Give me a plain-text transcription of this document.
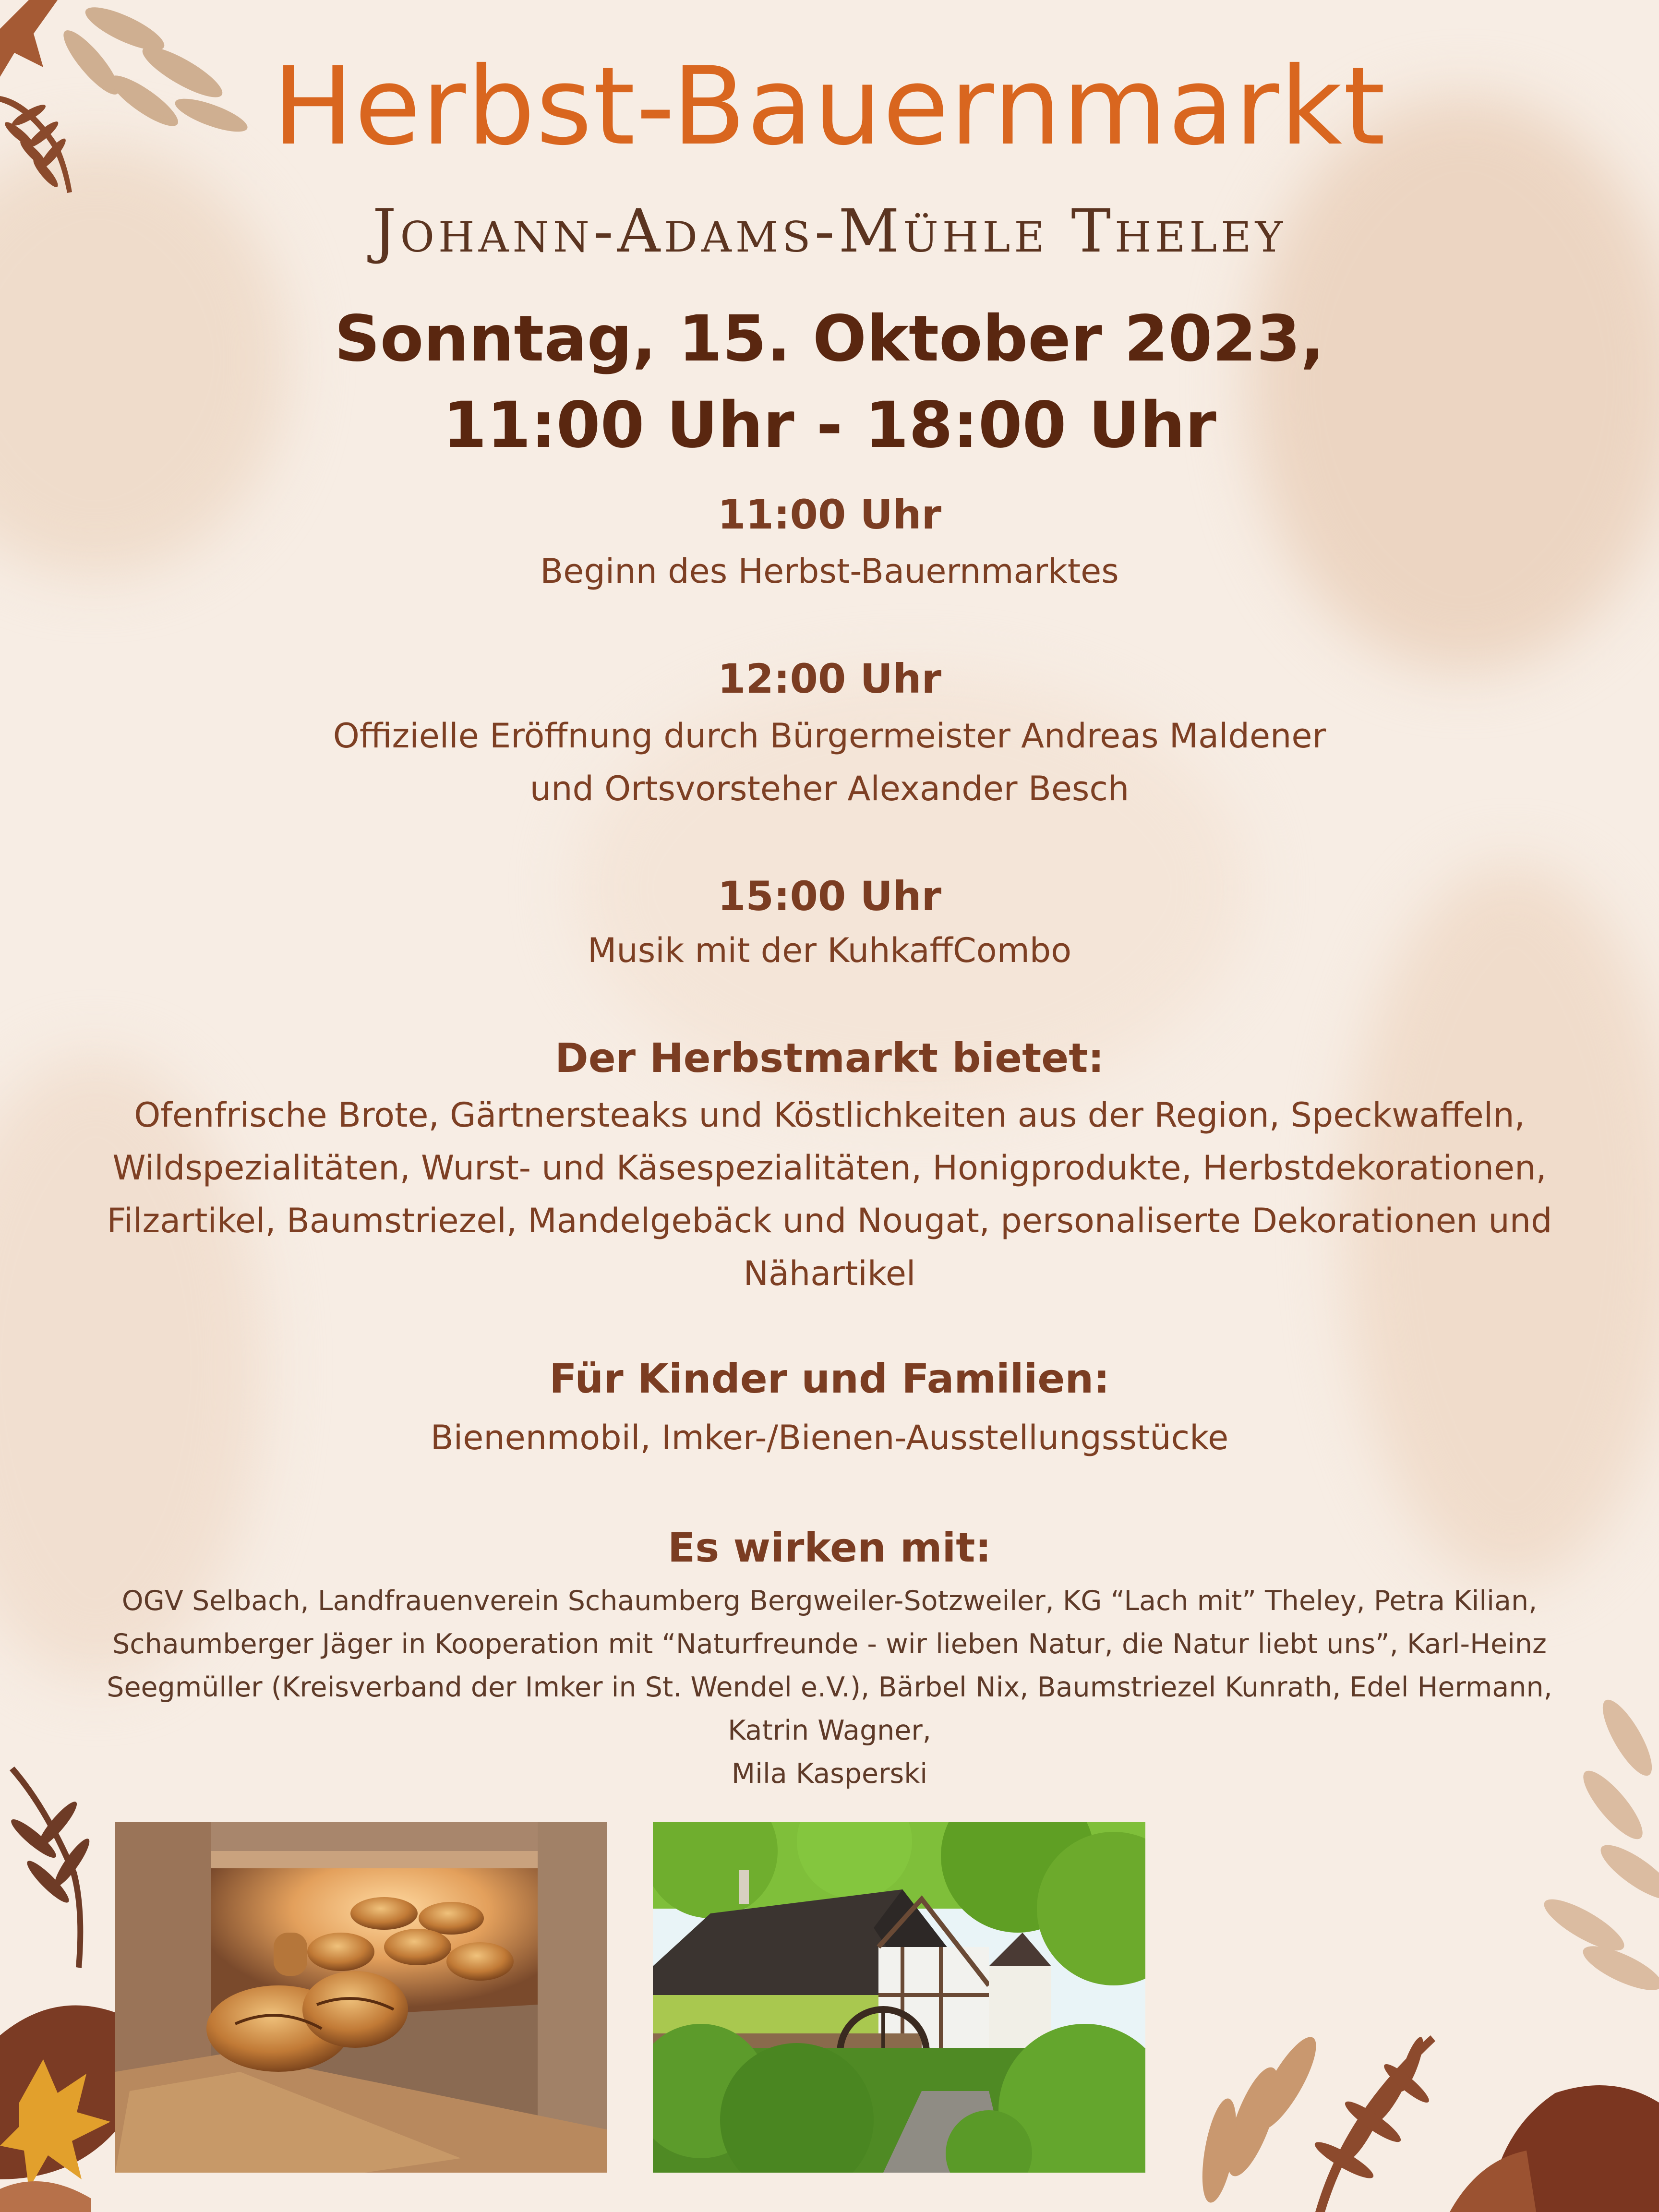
Herbst-Bauernmarkt
Johann-Adams-Mühle Theley
Sonntag, 15. Oktober 2023,
11:00 Uhr - 18:00 Uhr
11:00 Uhr
Beginn des Herbst-Bauernmarktes
12:00 Uhr
Offizielle Eröffnung durch Bürgermeister Andreas Maldener
und Ortsvorsteher Alexander Besch
15:00 Uhr
Musik mit der KuhkaffCombo
Der Herbstmarkt bietet:
Ofenfrische Brote, Gärtnersteaks und Köstlichkeiten aus der Region, Speckwaffeln,
Wildspezialitäten, Wurst- und Käsespezialitäten, Honigprodukte, Herbstdekorationen,
Filzartikel, Baumstriezel, Mandelgebäck und Nougat, personaliserte Dekorationen und
Nähartikel
Für Kinder und Familien:
Bienenmobil, Imker-/Bienen-Ausstellungsstücke
Es wirken mit:
OGV Selbach, Landfrauenverein Schaumberg Bergweiler-Sotzweiler, KG “Lach mit” Theley, Petra Kilian,
Schaumberger Jäger in Kooperation mit “Naturfreunde - wir lieben Natur, die Natur liebt uns”, Karl-Heinz
Seegmüller (Kreisverband der Imker in St. Wendel e.V.), Bärbel Nix, Baumstriezel Kunrath, Edel Hermann,
Katrin Wagner,
Mila Kasperski
